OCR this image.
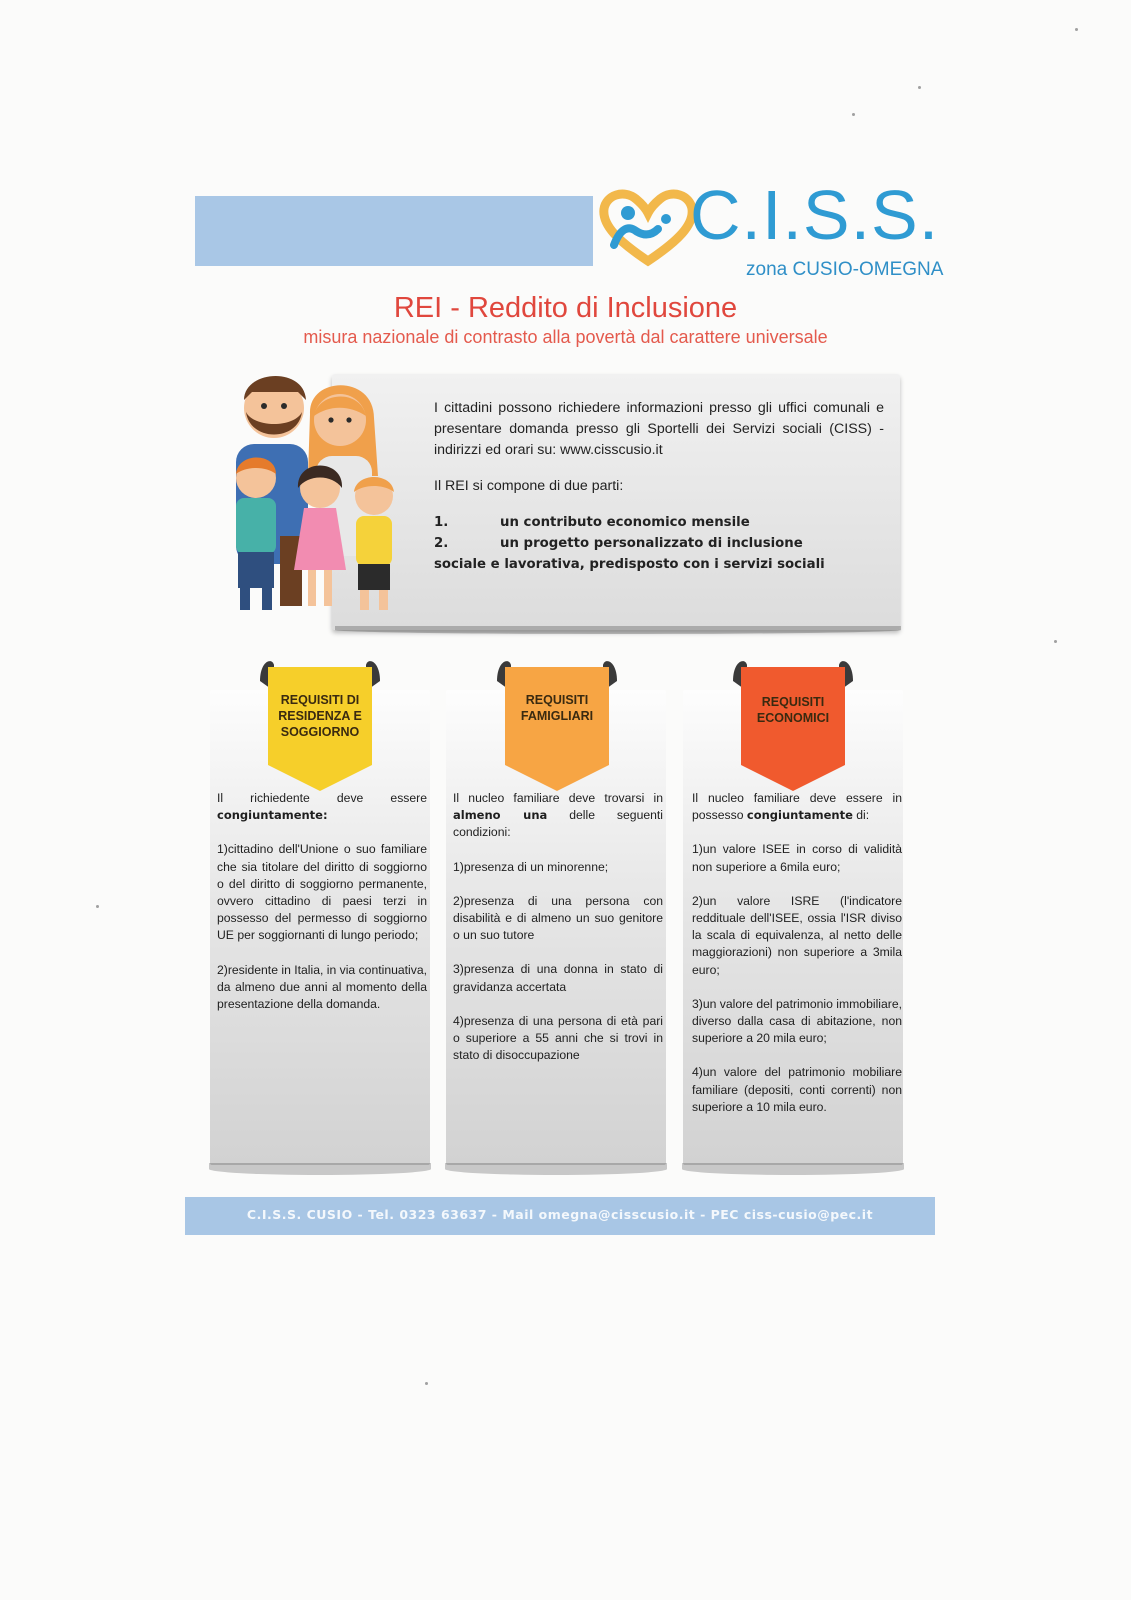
C.I.S.S.
zona CUSIO-OMEGNA
REI - Reddito di Inclusione
misura nazionale di contrasto alla povertà dal carattere universale

I cittadini possono richiedere informazioni presso gli uffici comunali e presentare domanda presso gli Sportelli dei Servizi sociali (CISS) - indirizzi ed orari su: www.cisscusio.it

Il REI si compone di due parti:

1.	un contributo economico mensile
2.	un progetto personalizzato di inclusione
sociale e lavorativa, predisposto con i servizi sociali
REQUISITI DI
RESIDENZA E
SOGGIORNO
REQUISITI
FAMIGLIARI
REQUISITI
ECONOMICI

Il richiedente deve essere congiuntamente:

1)cittadino dell'Unione o suo familiare che sia titolare del diritto di soggiorno o del diritto di soggiorno permanente, ovvero cittadino di paesi terzi in possesso del permesso di soggiorno UE per soggiornanti di lungo periodo;

2)residente in Italia, in via continuativa, da almeno due anni al momento della presentazione della domanda.

Il nucleo familiare deve trovarsi in almeno una delle seguenti condizioni:

1)presenza di un minorenne;

2)presenza di una persona con disabilità e di almeno un suo genitore o un suo tutore

3)presenza di una donna in stato di gravidanza accertata

4)presenza di una persona di età pari o superiore a 55 anni che si trovi in stato di disoccupazione

Il nucleo familiare deve essere in possesso congiuntamente di:

1)un valore ISEE in corso di validità non superiore a 6mila euro;

2)un valore ISRE (l'indicatore reddituale dell'ISEE, ossia l'ISR diviso la scala di equivalenza, al netto delle maggiorazioni) non superiore a 3mila euro;

3)un valore del patrimonio immobiliare, diverso dalla casa di abitazione, non superiore a 20 mila euro;

4)un valore del patrimonio mobiliare familiare (depositi, conti correnti) non superiore a 10 mila euro.

C.I.S.S. CUSIO - Tel. 0323 63637 - Mail omegna@cisscusio.it - PEC ciss-cusio@pec.it
